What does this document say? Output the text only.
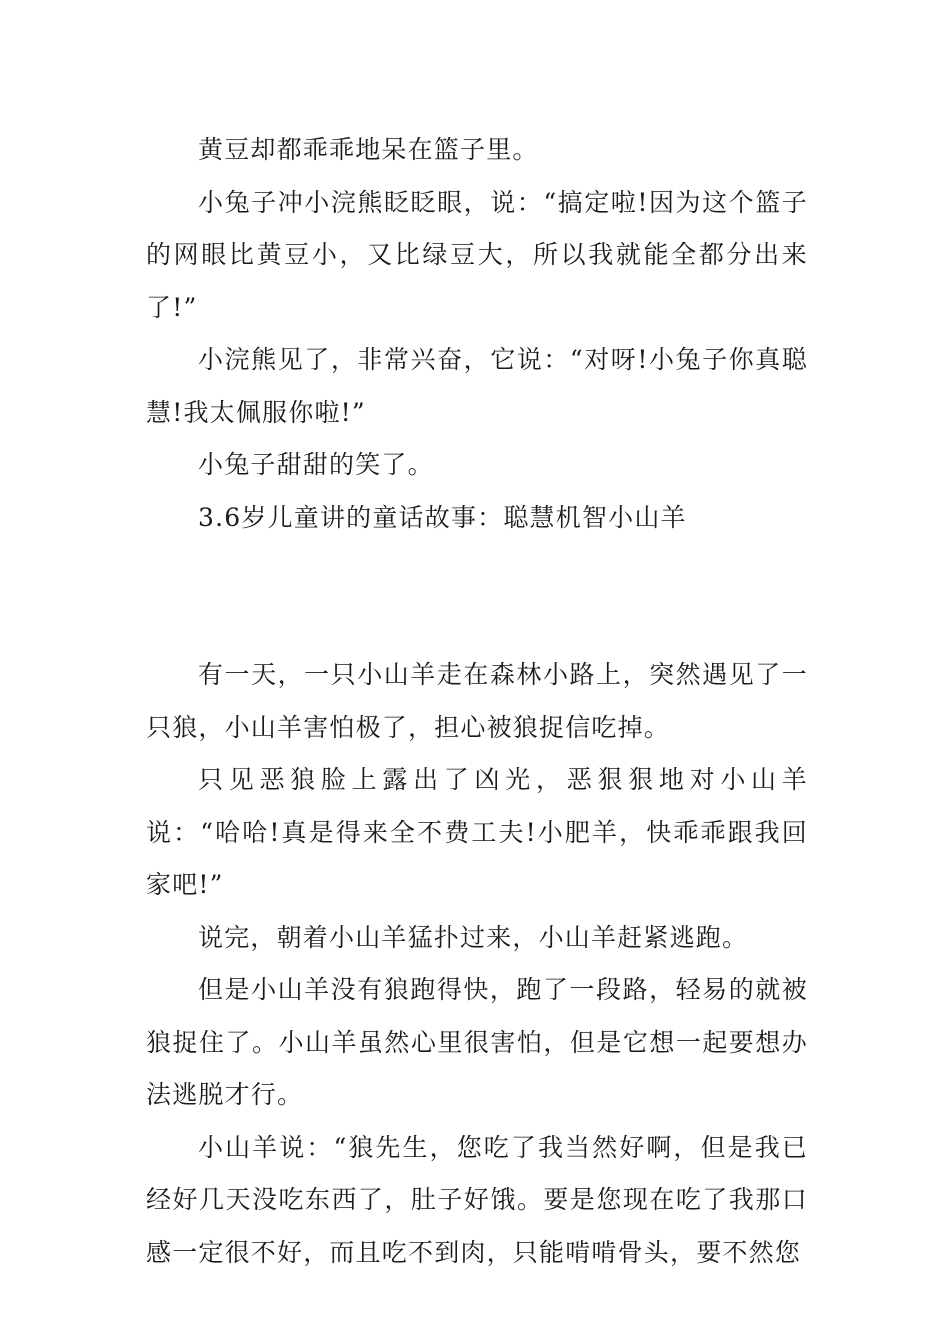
黄豆却都乖乖地呆在篮子里。

小兔子冲小浣熊眨眨眼，说：“搞定啦!因为这个篮子的网眼比黄豆小，又比绿豆大，所以我就能全都分出来了!”

小浣熊见了，非常兴奋，它说：“对呀!小兔子你真聪慧!我太佩服你啦!”

小兔子甜甜的笑了。

3.6岁儿童讲的童话故事：聪慧机智小山羊

有一天，一只小山羊走在森林小路上，突然遇见了一只狼，小山羊害怕极了，担心被狼捉信吃掉。

只见恶狼脸上露出了凶光，恶狠狠地对小山羊说：“哈哈!真是得来全不费工夫!小肥羊，快乖乖跟我回家吧!”

说完，朝着小山羊猛扑过来，小山羊赶紧逃跑。

但是小山羊没有狼跑得快，跑了一段路，轻易的就被狼捉住了。小山羊虽然心里很害怕，但是它想一起要想办法逃脱才行。

小山羊说：“狼先生，您吃了我当然好啊，但是我已经好几天没吃东西了，肚子好饿。要是您现在吃了我那口感一定很不好，而且吃不到肉，只能啃啃骨头，要不然您
